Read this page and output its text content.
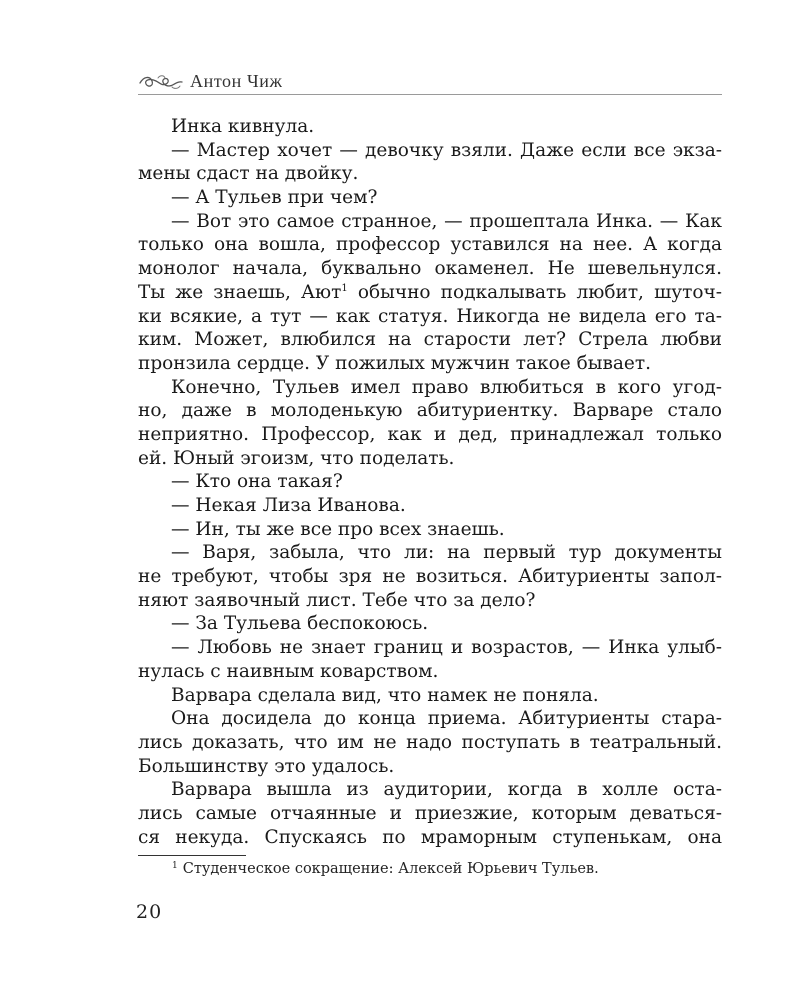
Антон Чиж
Инка кивнула.
— Мастер хочет — девочку взяли. Даже если все экза-
мены сдаст на двойку.
— А Тульев при чем?
— Вот это самое странное, — прошептала Инка. — Как
только она вошла, профессор уставился на нее. А когда
монолог начала, буквально окаменел. Не шевельнулся.
Ты же знаешь, Ают$^1$ обычно подкалывать любит, шуточ-
ки всякие, а тут — как статуя. Никогда не видела его та-
ким. Может, влюбился на старости лет? Стрела любви
пронзила сердце. У пожилых мужчин такое бывает.
Конечно, Тульев имел право влюбиться в кого угод-
но, даже в молоденькую абитуриентку. Варваре стало
неприятно. Профессор, как и дед, принадлежал только
ей. Юный эгоизм, что поделать.
— Кто она такая?
— Некая Лиза Иванова.
— Ин, ты же все про всех знаешь.
— Варя, забыла, что ли: на первый тур документы
не требуют, чтобы зря не возиться. Абитуриенты запол-
няют заявочный лист. Тебе что за дело?
— За Тульева беспокоюсь.
— Любовь не знает границ и возрастов, — Инка улыб-
нулась с наивным коварством.
Варвара сделала вид, что намек не поняла.
Она досидела до конца приема. Абитуриенты стара-
лись доказать, что им не надо поступать в театральный.
Большинству это удалось.
Варвара вышла из аудитории, когда в холле оста-
лись самые отчаянные и приезжие, которым деваться-
ся некуда. Спускаясь по мраморным ступенькам, она
$^1$ Студенческое сокращение: Алексей Юрьевич Тульев.
20
